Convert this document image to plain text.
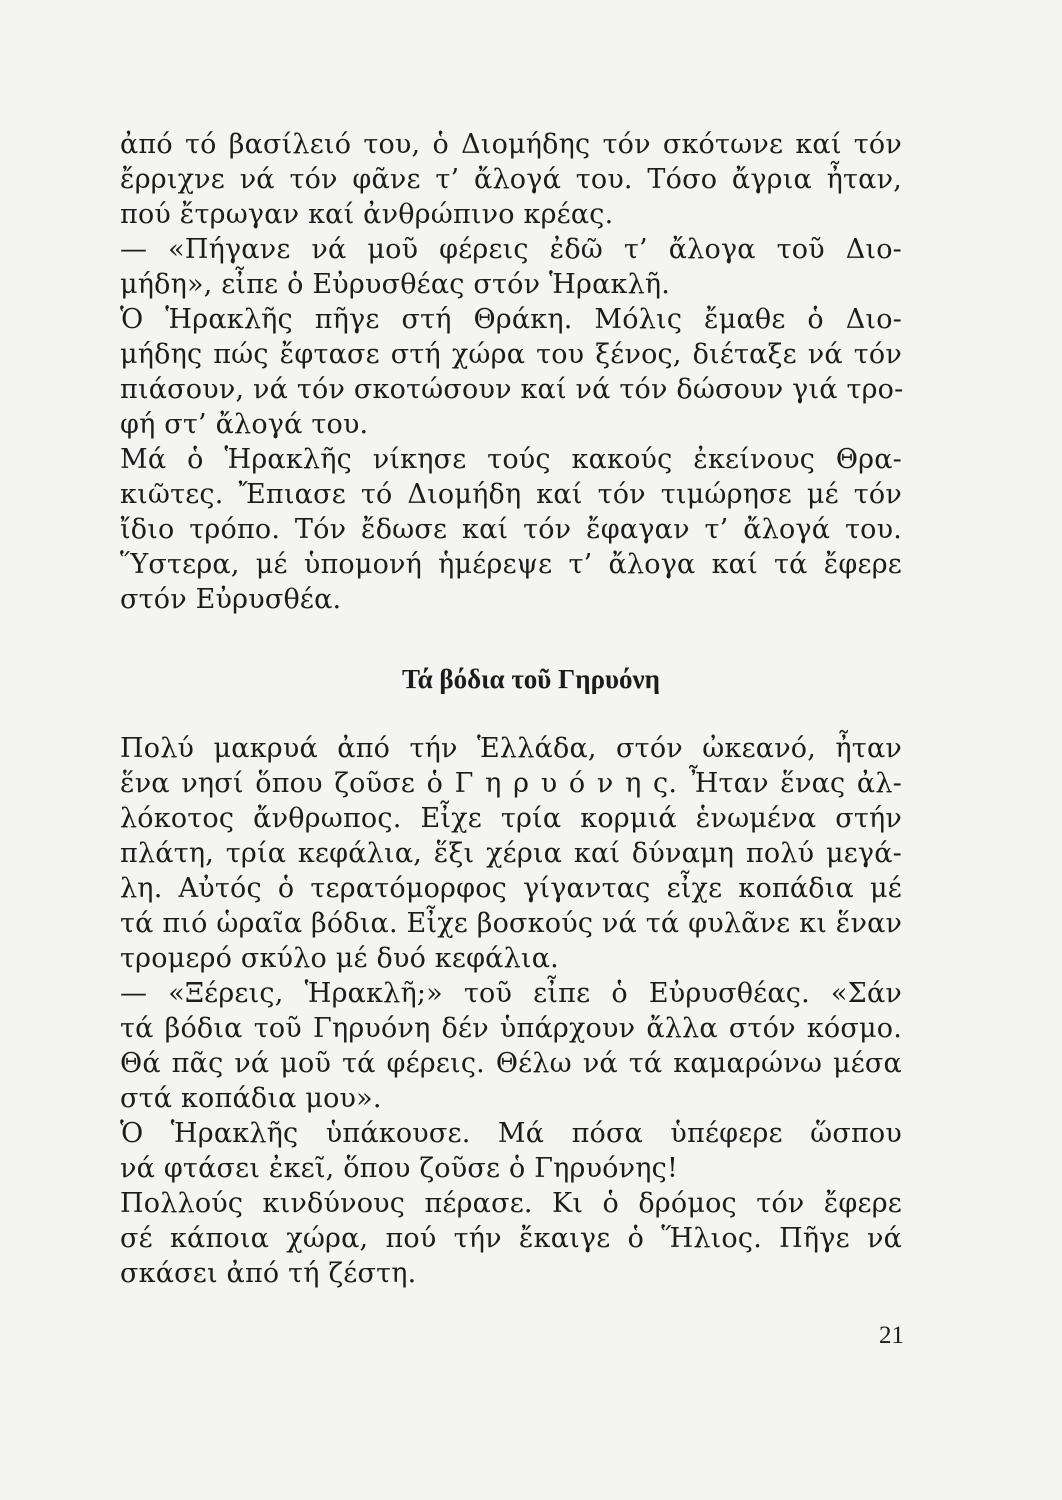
ἀπό τό βασίλειό του, ὁ Διομήδης τόν σκότωνε καί τόν
ἔρριχνε νά τόν φᾶνε τ’ ἄλογά του. Τόσο ἄγρια ἦταν,
πού ἔτρωγαν καί ἀνθρώπινο κρέας.
— «Πήγανε νά μοῦ φέρεις ἐδῶ τ’ ἄλογα τοῦ Διο-
μήδη», εἶπε ὁ Εὐρυσθέας στόν Ἡρακλῆ.
Ὁ Ἡρακλῆς πῆγε στή Θράκη. Μόλις ἔμαθε ὁ Διο-
μήδης πώς ἔφτασε στή χώρα του ξένος, διέταξε νά τόν
πιάσουν, νά τόν σκοτώσουν καί νά τόν δώσουν γιά τρο-
φή στ’ ἄλογά του.
Μά ὁ Ἡρακλῆς νίκησε τούς κακούς ἐκείνους Θρα-
κιῶτες. Ἔπιασε τό Διομήδη καί τόν τιμώρησε μέ τόν
ἴδιο τρόπο. Τόν ἔδωσε καί τόν ἔφαγαν τ’ ἄλογά του.
Ὕστερα, μέ ὑπομονή ἡμέρεψε τ’ ἄλογα καί τά ἔφερε
στόν Εὐρυσθέα.
Τά βόδια τοῦ Γηρυόνη
Πολύ μακρυά ἀπό τήν Ἑλλάδα, στόν ὠκεανό, ἦταν
ἕνα νησί ὅπου ζοῦσε ὁ Γ η ρ υ ό ν η ς. Ἦταν ἕνας ἀλ-
λόκοτος ἄνθρωπος. Εἶχε τρία κορμιά ἑνωμένα στήν
πλάτη, τρία κεφάλια, ἕξι χέρια καί δύναμη πολύ μεγά-
λη. Αὐτός ὁ τερατόμορφος γίγαντας εἶχε κοπάδια μέ
τά πιό ὡραῖα βόδια. Εἶχε βοσκούς νά τά φυλᾶνε κι ἕναν
τρομερό σκύλο μέ δυό κεφάλια.
— «Ξέρεις, Ἡρακλῆ;» τοῦ εἶπε ὁ Εὐρυσθέας. «Σάν
τά βόδια τοῦ Γηρυόνη δέν ὑπάρχουν ἄλλα στόν κόσμο.
Θά πᾶς νά μοῦ τά φέρεις. Θέλω νά τά καμαρώνω μέσα
στά κοπάδια μου».
Ὁ Ἡρακλῆς ὑπάκουσε. Μά πόσα ὑπέφερε ὥσπου
νά φτάσει ἐκεῖ, ὅπου ζοῦσε ὁ Γηρυόνης!
Πολλούς κινδύνους πέρασε. Κι ὁ δρόμος τόν ἔφερε
σέ κάποια χώρα, πού τήν ἔκαιγε ὁ Ἥλιος. Πῆγε νά
σκάσει ἀπό τή ζέστη.
21
